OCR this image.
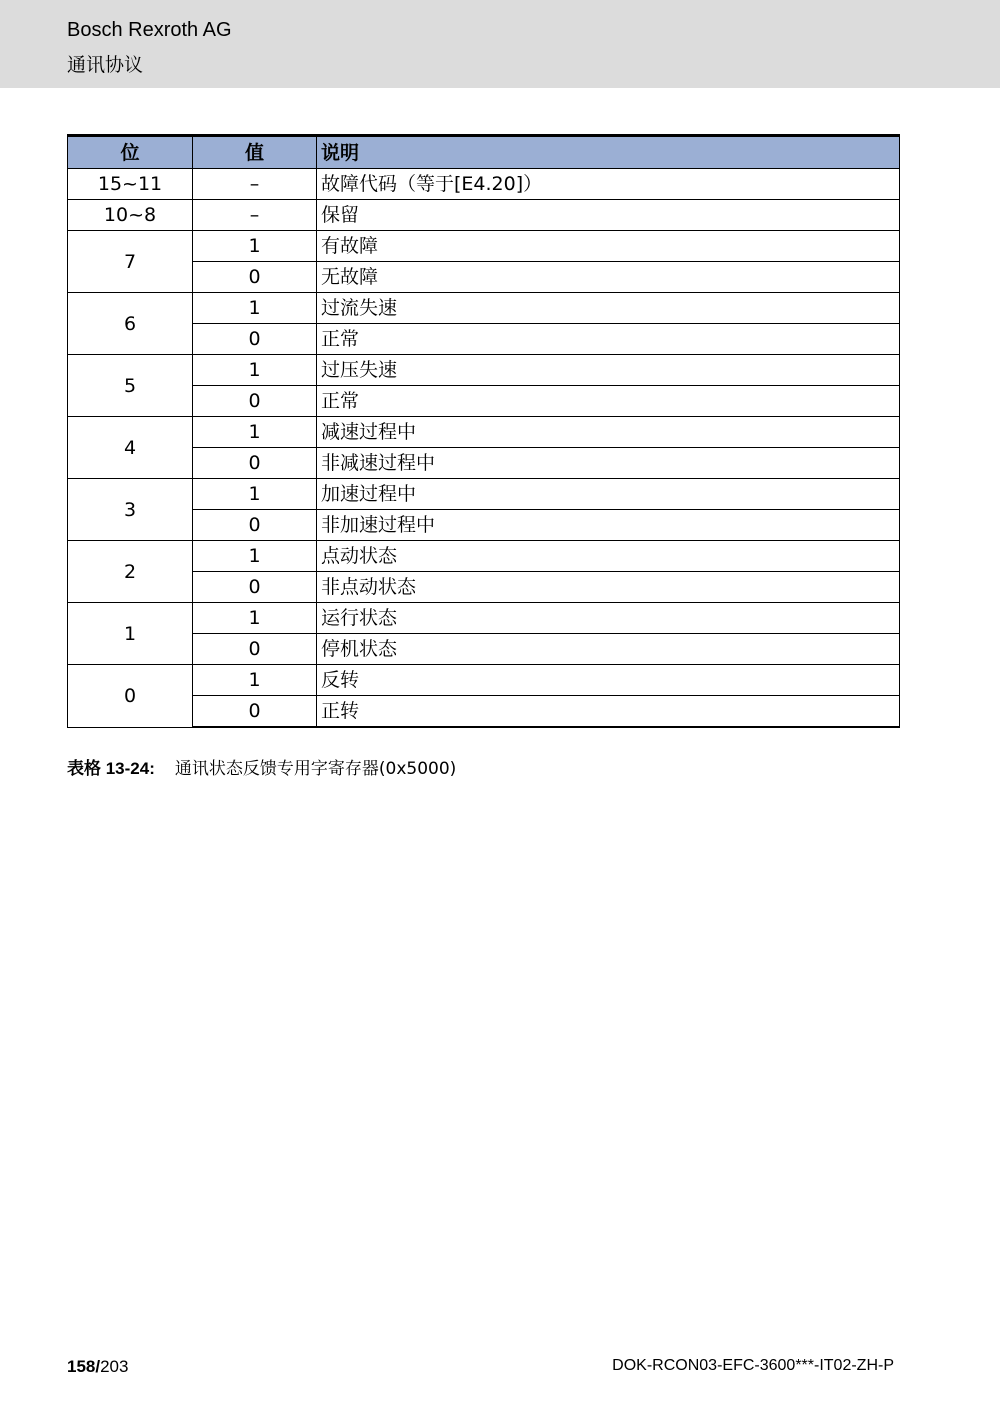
Bosch Rexroth AG
通讯协议
位	值	说明
15~11	–	故障代码（等于[E4.20]）
10~8	–	保留
7	1	有故障
	0	无故障
6	1	过流失速
	0	正常
5	1	过压失速
	0	正常
4	1	减速过程中
	0	非减速过程中
3	1	加速过程中
	0	非加速过程中
2	1	点动状态
	0	非点动状态
1	1	运行状态
	0	停机状态
0	1	反转
	0	正转
表格 13-24: 通讯状态反馈专用字寄存器(0x5000)
158/203	DOK-RCON03-EFC-3600***-IT02-ZH-P
